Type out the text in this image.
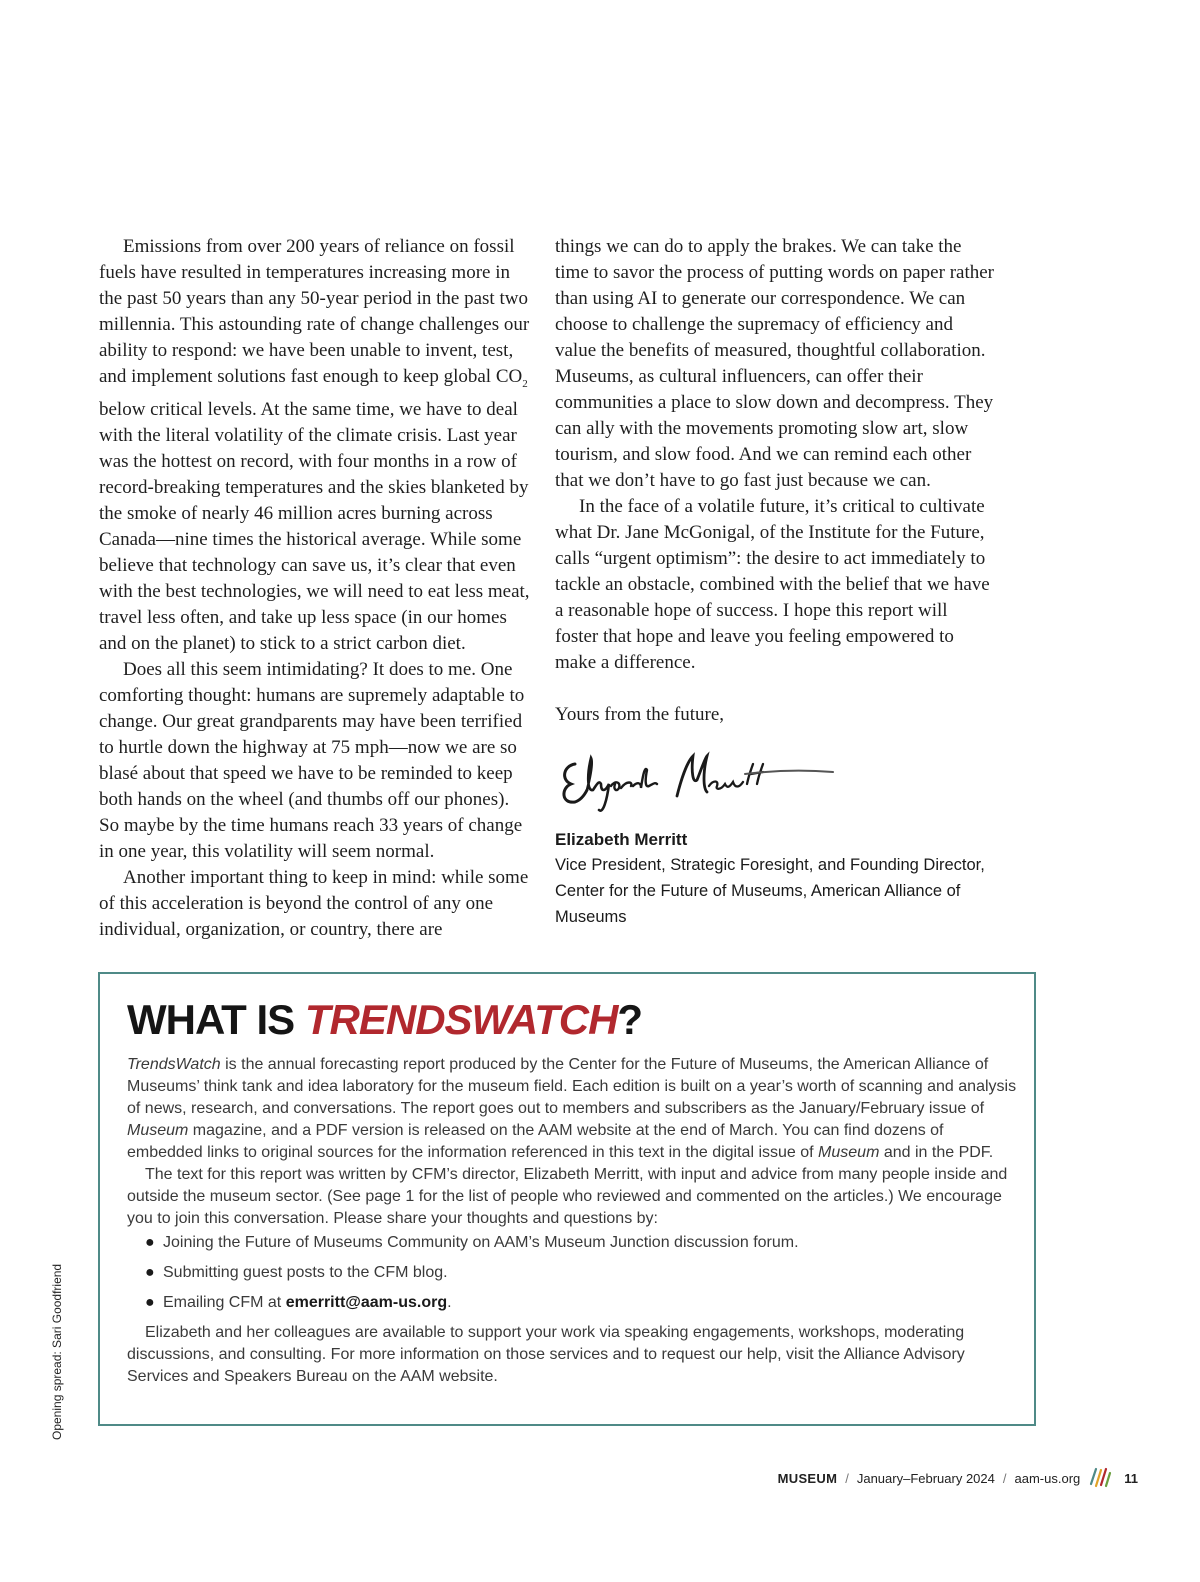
Emissions from over 200 years of reliance on fossil fuels have resulted in temperatures increasing more in the past 50 years than any 50-year period in the past two millennia. This astounding rate of change challenges our ability to respond: we have been unable to invent, test, and implement solutions fast enough to keep global $CO_2$ below critical levels. At the same time, we have to deal with the literal volatility of the climate crisis. Last year was the hottest on record, with four months in a row of record-breaking temperatures and the skies blanketed by the smoke of nearly 46 million acres burning across Canada—nine times the historical average. While some believe that technology can save us, it’s clear that even with the best technologies, we will need to eat less meat, travel less often, and take up less space (in our homes and on the planet) to stick to a strict carbon diet.

Does all this seem intimidating? It does to me. One comforting thought: humans are supremely adaptable to change. Our great grandparents may have been terrified to hurtle down the highway at 75 mph—now we are so blasé about that speed we have to be reminded to keep both hands on the wheel (and thumbs off our phones). So maybe by the time humans reach 33 years of change in one year, this volatility will seem normal.

Another important thing to keep in mind: while some of this acceleration is beyond the control of any one individual, organization, or country, there are

things we can do to apply the brakes. We can take the time to savor the process of putting words on paper rather than using AI to generate our correspondence. We can choose to challenge the supremacy of efficiency and value the benefits of measured, thoughtful collaboration. Museums, as cultural influencers, can offer their communities a place to slow down and decompress. They can ally with the movements promoting slow art, slow tourism, and slow food. And we can remind each other that we don’t have to go fast just because we can.

In the face of a volatile future, it’s critical to cultivate what Dr. Jane McGonigal, of the Institute for the Future, calls “urgent optimism”: the desire to act immediately to tackle an obstacle, combined with the belief that we have a reasonable hope of success. I hope this report will foster that hope and leave you feeling empowered to make a difference.

Yours from the future,

Elizabeth Merritt
Vice President, Strategic Foresight, and Founding Director, Center for the Future of Museums, American Alliance of Museums
WHAT IS TRENDSWATCH?

TrendsWatch is the annual forecasting report produced by the Center for the Future of Museums, the American Alliance of Museums’ think tank and idea laboratory for the museum field. Each edition is built on a year’s worth of scanning and analysis of news, research, and conversations. The report goes out to members and subscribers as the January/February issue of Museum magazine, and a PDF version is released on the AAM website at the end of March. You can find dozens of embedded links to original sources for the information referenced in this text in the digital issue of Museum and in the PDF.

The text for this report was written by CFM’s director, Elizabeth Merritt, with input and advice from many people inside and outside the museum sector. (See page 1 for the list of people who reviewed and commented on the articles.) We encourage you to join this conversation. Please share your thoughts and questions by:

● Joining the Future of Museums Community on AAM’s Museum Junction discussion forum.
● Submitting guest posts to the CFM blog.
● Emailing CFM at emerritt@aam-us.org.

Elizabeth and her colleagues are available to support your work via speaking engagements, workshops, moderating discussions, and consulting. For more information on those services and to request our help, visit the Alliance Advisory Services and Speakers Bureau on the AAM website.

Opening spread: Sari Goodfriend
MUSEUM / January–February 2024 / aam-us.org	11
